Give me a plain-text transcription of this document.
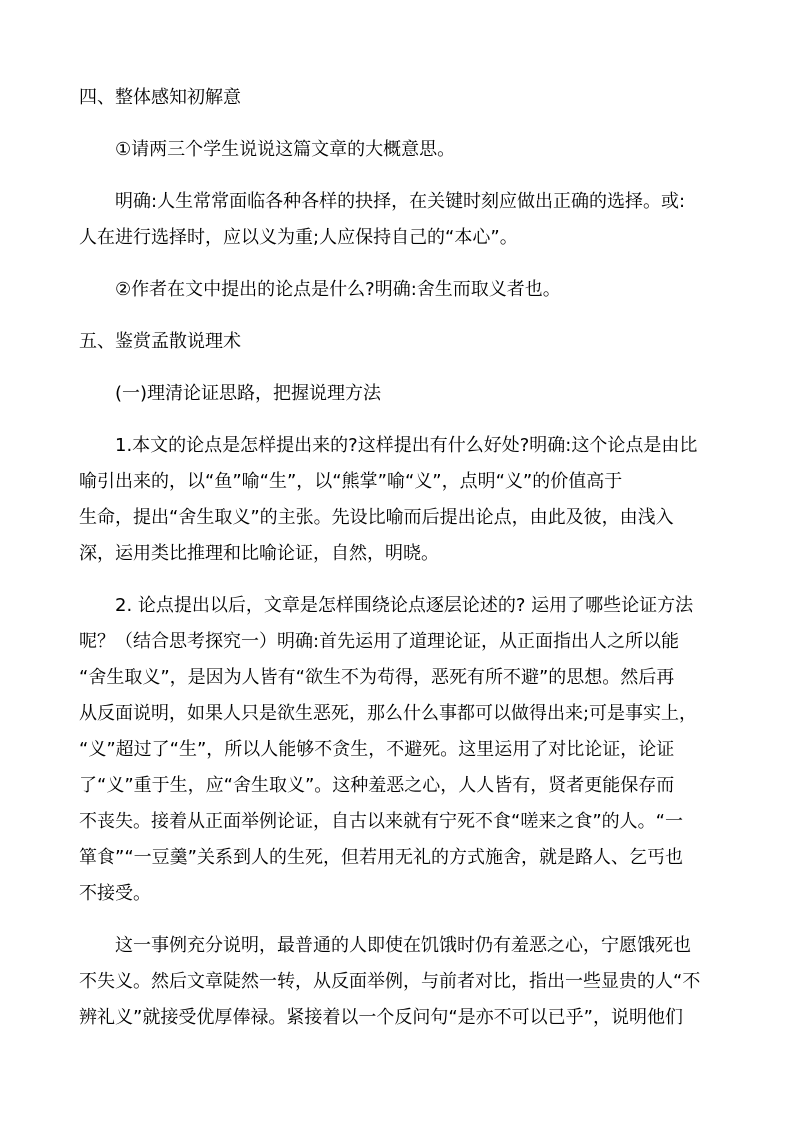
四、整体感知初解意

①请两三个学生说说这篇文章的大概意思。

明确:人生常常面临各种各样的抉择，在关键时刻应做出正确的选择。或:
人在进行选择时，应以义为重;人应保持自己的“本心”。

②作者在文中提出的论点是什么?明确:舍生而取义者也。

五、鉴赏孟散说理术

(一)理清论证思路，把握说理方法

1.本文的论点是怎样提出来的?这样提出有什么好处?明确:这个论点是由比
喻引出来的，以“鱼”喻“生”，以“熊掌”喻“义”，点明“义”的价值高于
生命，提出“舍生取义”的主张。先设比喻而后提出论点，由此及彼，由浅入
深，运用类比推理和比喻论证，自然，明晓。

2. 论点提出以后，文章是怎样围绕论点逐层论述的? 运用了哪些论证方法
呢？（结合思考探究一）明确:首先运用了道理论证，从正面指出人之所以能
“舍生取义”，是因为人皆有“欲生不为苟得，恶死有所不避”的思想。然后再
从反面说明，如果人只是欲生恶死，那么什么事都可以做得出来;可是事实上，
“义”超过了“生”，所以人能够不贪生，不避死。这里运用了对比论证，论证
了“义”重于生，应“舍生取义”。这种羞恶之心，人人皆有，贤者更能保存而
不丧失。接着从正面举例论证，自古以来就有宁死不食“嗟来之食”的人。“一
箪食”“一豆羹”关系到人的生死，但若用无礼的方式施舍，就是路人、乞丐也
不接受。

这一事例充分说明，最普通的人即使在饥饿时仍有羞恶之心，宁愿饿死也
不失义。然后文章陡然一转，从反面举例，与前者对比，指出一些显贵的人“不
辨礼义”就接受优厚俸禄。紧接着以一个反问句“是亦不可以已乎”，说明他们
